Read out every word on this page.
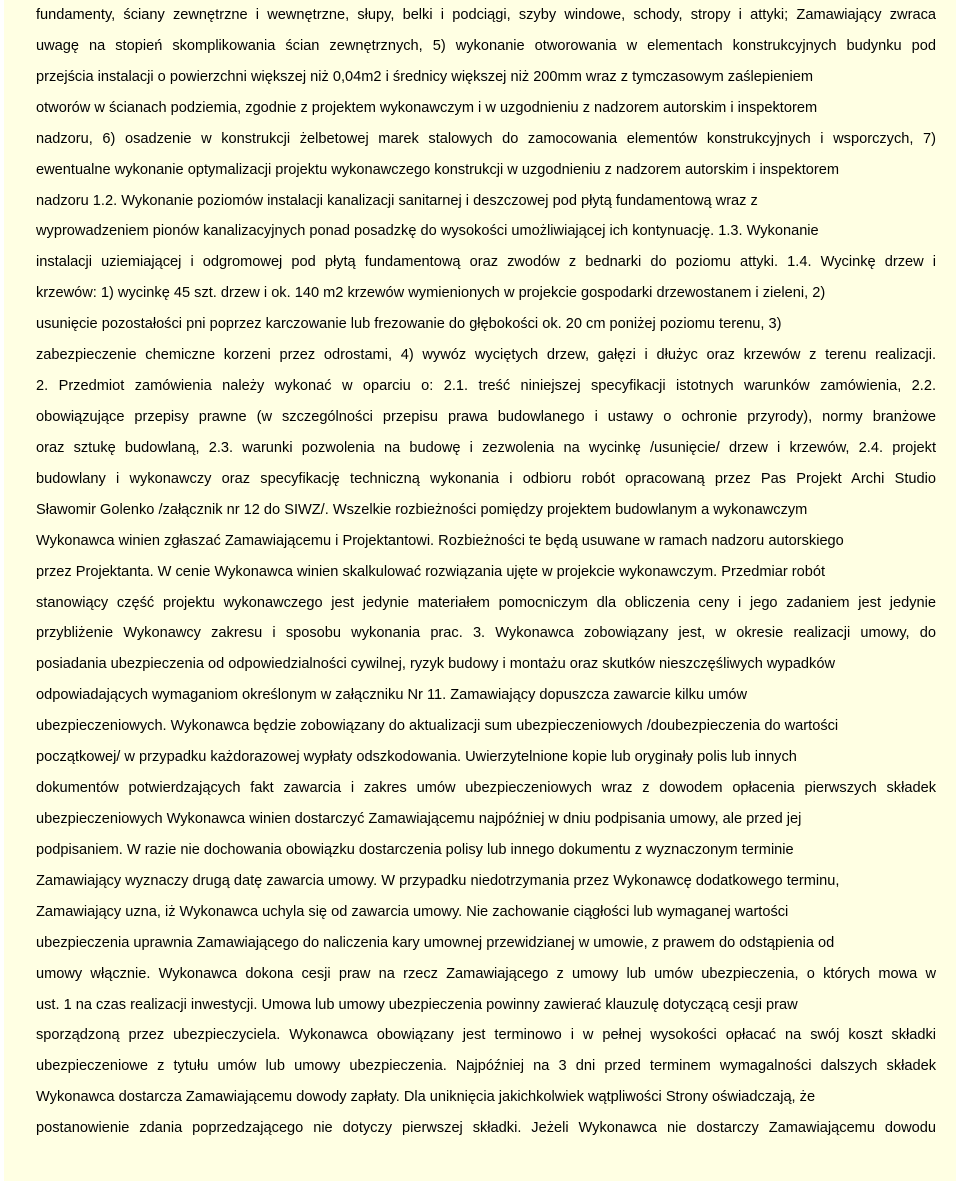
fundamenty, ściany zewnętrzne i wewnętrzne, słupy, belki i podciągi, szyby windowe, schody, stropy i attyki; Zamawiający zwraca
uwagę na stopień skomplikowania ścian zewnętrznych, 5) wykonanie otworowania w elementach konstrukcyjnych budynku pod
przejścia instalacji o powierzchni większej niż 0,04m2 i średnicy większej niż 200mm wraz z tymczasowym zaślepieniem
otworów w ścianach podziemia, zgodnie z projektem wykonawczym i w uzgodnieniu z nadzorem autorskim i inspektorem
nadzoru, 6) osadzenie w konstrukcji żelbetowej marek stalowych do zamocowania elementów konstrukcyjnych i wsporczych, 7)
ewentualne wykonanie optymalizacji projektu wykonawczego konstrukcji w uzgodnieniu z nadzorem autorskim i inspektorem
nadzoru 1.2. Wykonanie poziomów instalacji kanalizacji sanitarnej i deszczowej pod płytą fundamentową wraz z
wyprowadzeniem pionów kanalizacyjnych ponad posadzkę do wysokości umożliwiającej ich kontynuację. 1.3. Wykonanie
instalacji uziemiającej i odgromowej pod płytą fundamentową oraz zwodów z bednarki do poziomu attyki. 1.4. Wycinkę drzew i
krzewów: 1) wycinkę 45 szt. drzew i ok. 140 m2 krzewów wymienionych w projekcie gospodarki drzewostanem i zieleni, 2)
usunięcie pozostałości pni poprzez karczowanie lub frezowanie do głębokości ok. 20 cm poniżej poziomu terenu, 3)
zabezpieczenie chemiczne korzeni przez odrostami, 4) wywóz wyciętych drzew, gałęzi i dłużyc oraz krzewów z terenu realizacji.
2. Przedmiot zamówienia należy wykonać w oparciu o: 2.1. treść niniejszej specyfikacji istotnych warunków zamówienia, 2.2.
obowiązujące przepisy prawne (w szczególności przepisu prawa budowlanego i ustawy o ochronie przyrody), normy branżowe
oraz sztukę budowlaną, 2.3. warunki pozwolenia na budowę i zezwolenia na wycinkę /usunięcie/ drzew i krzewów, 2.4. projekt
budowlany i wykonawczy oraz specyfikację techniczną wykonania i odbioru robót opracowaną przez Pas Projekt Archi Studio
Sławomir Golenko /załącznik nr 12 do SIWZ/. Wszelkie rozbieżności pomiędzy projektem budowlanym a wykonawczym
Wykonawca winien zgłaszać Zamawiającemu i Projektantowi. Rozbieżności te będą usuwane w ramach nadzoru autorskiego
przez Projektanta. W cenie Wykonawca winien skalkulować rozwiązania ujęte w projekcie wykonawczym. Przedmiar robót
stanowiący część projektu wykonawczego jest jedynie materiałem pomocniczym dla obliczenia ceny i jego zadaniem jest jedynie
przybliżenie Wykonawcy zakresu i sposobu wykonania prac. 3. Wykonawca zobowiązany jest, w okresie realizacji umowy, do
posiadania ubezpieczenia od odpowiedzialności cywilnej, ryzyk budowy i montażu oraz skutków nieszczęśliwych wypadków
odpowiadających wymaganiom określonym w załączniku Nr 11. Zamawiający dopuszcza zawarcie kilku umów
ubezpieczeniowych. Wykonawca będzie zobowiązany do aktualizacji sum ubezpieczeniowych /doubezpieczenia do wartości
początkowej/ w przypadku każdorazowej wypłaty odszkodowania. Uwierzytelnione kopie lub oryginały polis lub innych
dokumentów potwierdzających fakt zawarcia i zakres umów ubezpieczeniowych wraz z dowodem opłacenia pierwszych składek
ubezpieczeniowych Wykonawca winien dostarczyć Zamawiającemu najpóźniej w dniu podpisania umowy, ale przed jej
podpisaniem. W razie nie dochowania obowiązku dostarczenia polisy lub innego dokumentu z wyznaczonym terminie
Zamawiający wyznaczy drugą datę zawarcia umowy. W przypadku niedotrzymania przez Wykonawcę dodatkowego terminu,
Zamawiający uzna, iż Wykonawca uchyla się od zawarcia umowy. Nie zachowanie ciągłości lub wymaganej wartości
ubezpieczenia uprawnia Zamawiającego do naliczenia kary umownej przewidzianej w umowie, z prawem do odstąpienia od
umowy włącznie. Wykonawca dokona cesji praw na rzecz Zamawiającego z umowy lub umów ubezpieczenia, o których mowa w
ust. 1 na czas realizacji inwestycji. Umowa lub umowy ubezpieczenia powinny zawierać klauzulę dotyczącą cesji praw
sporządzoną przez ubezpieczyciela. Wykonawca obowiązany jest terminowo i w pełnej wysokości opłacać na swój koszt składki
ubezpieczeniowe z tytułu umów lub umowy ubezpieczenia. Najpóźniej na 3 dni przed terminem wymagalności dalszych składek
Wykonawca dostarcza Zamawiającemu dowody zapłaty. Dla uniknięcia jakichkolwiek wątpliwości Strony oświadczają, że
postanowienie zdania poprzedzającego nie dotyczy pierwszej składki. Jeżeli Wykonawca nie dostarczy Zamawiającemu dowodu
